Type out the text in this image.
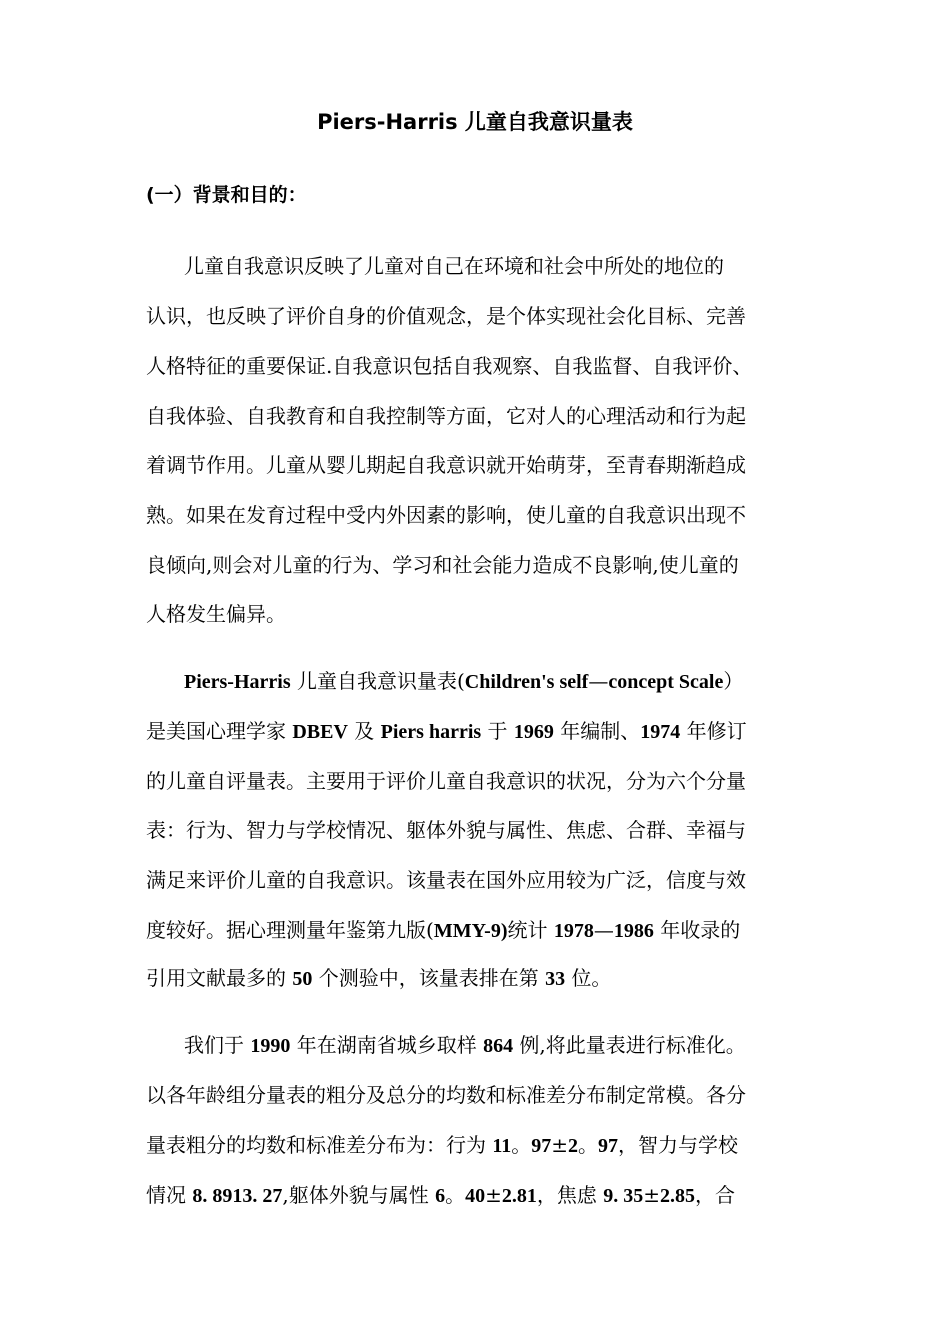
Piers-Harris 儿童自我意识量表
(一）背景和目的：
儿童自我意识反映了儿童对自己在环境和社会中所处的地位的
认识，也反映了评价自身的价值观念，是个体实现社会化目标、完善
人格特征的重要保证.自我意识包括自我观察、自我监督、自我评价、
自我体验、自我教育和自我控制等方面，它对人的心理活动和行为起
着调节作用。儿童从婴儿期起自我意识就开始萌芽，至青春期渐趋成
熟。如果在发育过程中受内外因素的影响，使儿童的自我意识出现不
良倾向,则会对儿童的行为、学习和社会能力造成不良影响,使儿童的
人格发生偏异。
Piers-Harris 儿童自我意识量表(Children's self—concept Scale）
是美国心理学家 DBEV 及 Piers harris 于 1969 年编制、1974 年修订
的儿童自评量表。主要用于评价儿童自我意识的状况，分为六个分量
表：行为、智力与学校情况、躯体外貌与属性、焦虑、合群、幸福与
满足来评价儿童的自我意识。该量表在国外应用较为广泛，信度与效
度较好。据心理测量年鉴第九版(MMY-9)统计 1978—1986 年收录的
引用文献最多的 50 个测验中，该量表排在第 33 位。
我们于 1990 年在湖南省城乡取样 864 例,将此量表进行标准化。
以各年龄组分量表的粗分及总分的均数和标准差分布制定常模。各分
量表粗分的均数和标准差分布为：行为 11。97±2。97，智力与学校
情况 8. 8913. 27,躯体外貌与属性 6。40±2.81，焦虑 9. 35±2.85，合
